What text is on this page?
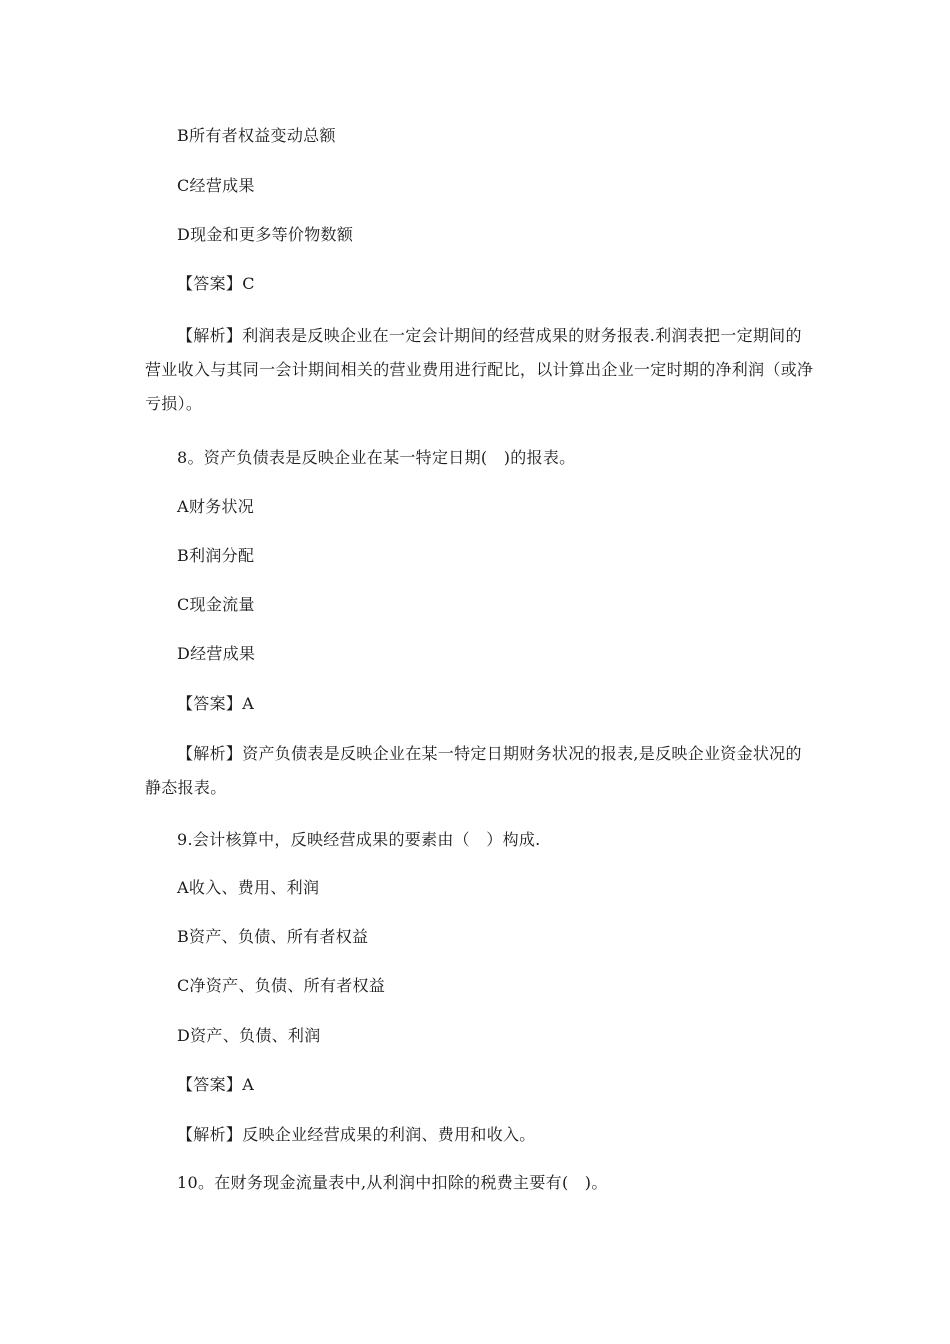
B所有者权益变动总额
C经营成果
D现金和更多等价物数额
【答案】C
【解析】利润表是反映企业在一定会计期间的经营成果的财务报表.利润表把一定期间的营业收入与其同一会计期间相关的营业费用进行配比，以计算出企业一定时期的净利润（或净亏损）。
8。资产负债表是反映企业在某一特定日期(　)的报表。
A财务状况
B利润分配
C现金流量
D经营成果
【答案】A
【解析】资产负债表是反映企业在某一特定日期财务状况的报表,是反映企业资金状况的静态报表。
9.会计核算中，反映经营成果的要素由（　）构成.
A收入、费用、利润
B资产、负债、所有者权益
C净资产、负债、所有者权益
D资产、负债、利润
【答案】A
【解析】反映企业经营成果的利润、费用和收入。
10。在财务现金流量表中,从利润中扣除的税费主要有(　)。
